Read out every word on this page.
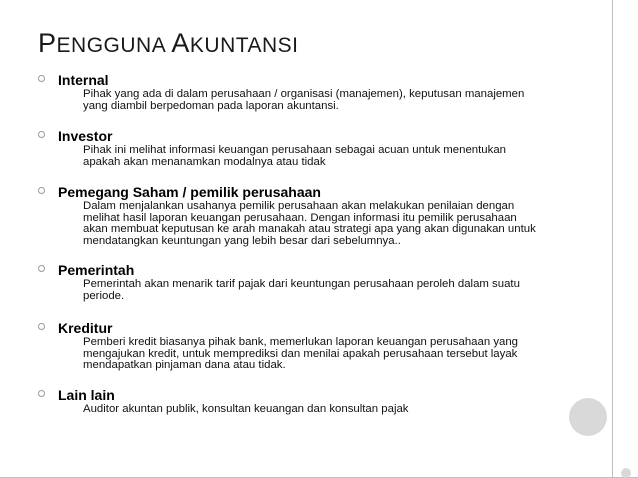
PENGGUNA AKUNTANSI
Internal
Pihak yang ada di dalam perusahaan / organisasi (manajemen), keputusan manajemen
yang diambil berpedoman pada laporan akuntansi.
Investor
Pihak ini melihat informasi keuangan perusahaan sebagai acuan untuk menentukan
apakah akan menanamkan modalnya atau tidak
Pemegang Saham / pemilik perusahaan
Dalam menjalankan usahanya pemilik perusahaan akan melakukan penilaian dengan
melihat hasil laporan keuangan perusahaan. Dengan informasi itu pemilik perusahaan
akan membuat keputusan ke arah manakah atau strategi apa yang akan digunakan untuk
mendatangkan keuntungan yang lebih besar dari sebelumnya..
Pemerintah
Pemerintah akan menarik tarif pajak dari keuntungan perusahaan peroleh dalam suatu
periode.
Kreditur
Pemberi kredit biasanya pihak bank, memerlukan laporan keuangan perusahaan yang
mengajukan kredit, untuk memprediksi dan menilai apakah perusahaan tersebut layak
mendapatkan pinjaman dana atau tidak.
Lain lain
Auditor akuntan publik, konsultan keuangan dan konsultan pajak
